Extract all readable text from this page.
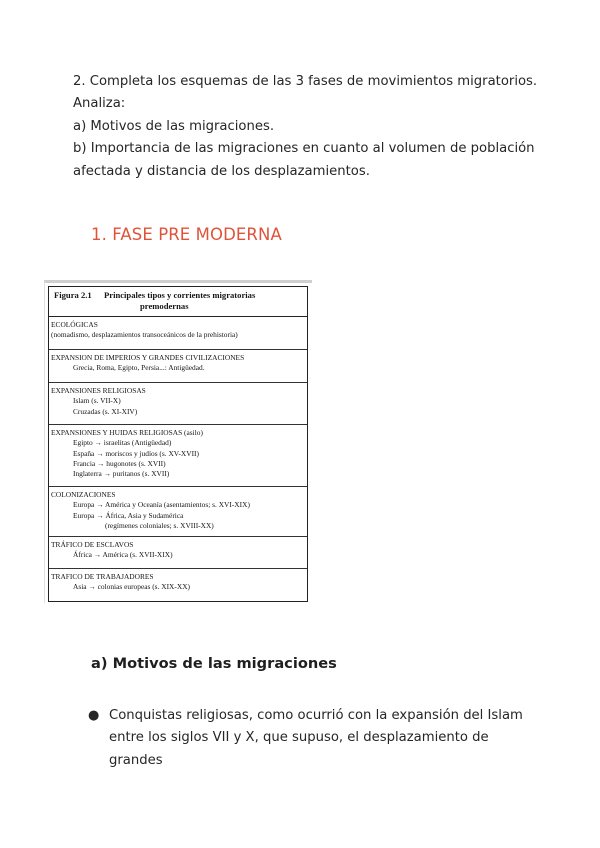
2. Completa los esquemas de las 3 fases de movimientos migratorios.

Analiza:

a) Motivos de las migraciones.

b) Importancia de las migraciones en cuanto al volumen de población

afectada y distancia de los desplazamientos.

1. FASE PRE MODERNA
Figura 2.1 Principales tipos y corrientes migratorias
premodernas
ECOLÓGICAS
(nomadismo, desplazamientos transoceánicos de la prehistoria)
EXPANSION DE IMPERIOS Y GRANDES CIVILIZACIONES
Grecia, Roma, Egipto, Persia...: Antigüedad.
EXPANSIONES RELIGIOSAS
Islam (s. VII-X)
Cruzadas (s. XI-XIV)
EXPANSIONES Y HUIDAS RELIGIOSAS (asilo)
Egipto → israelitas (Antigüedad)
España → moriscos y judíos (s. XV-XVII)
Francia → hugonotes (s. XVII)
Inglaterra → puritanos (s. XVII)
COLONIZACIONES
Europa → América y Oceanía (asentamientos; s. XVI-XIX)
Europa → África, Asia y Sudamérica
(regímenes coloniales; s. XVIII-XX)
TRÁFICO DE ESCLAVOS
África → América (s. XVII-XIX)
TRAFICO DE TRABAJADORES
Asia → colonias europeas (s. XIX-XX)
a) Motivos de las migraciones
● Conquistas religiosas, como ocurrió con la expansión del Islam entre los siglos VII y X, que supuso, el desplazamiento de grandes
